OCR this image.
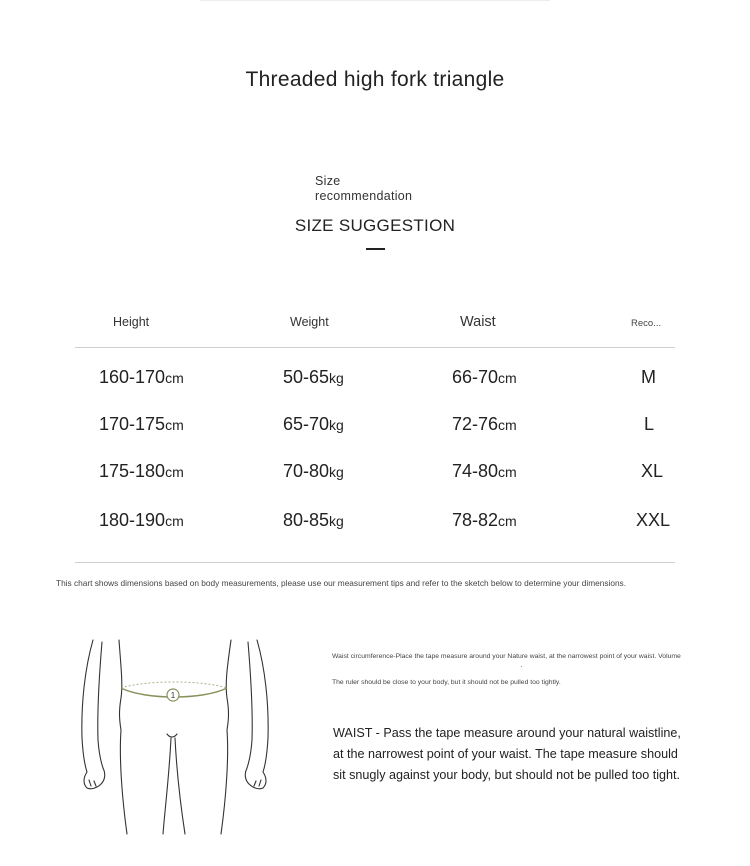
Threaded high fork triangle
Size
recommendation
SIZE SUGGESTION
Height	Weight	Waist	Reco...
160-170cm	50-65kg	66-70cm	M
170-175cm	65-70kg	72-76cm	L
175-180cm	70-80kg	74-80cm	XL
180-190cm	80-85kg	78-82cm	XXL
This chart shows dimensions based on body measurements, please use our measurement tips and refer to the sketch below to determine your dimensions.
1
Waist circumference-Place the tape measure around your Nature waist, at the narrowest point of your waist. Volume
The ruler should be close to your body, but it should not be pulled too tightly.
WAIST - Pass the tape measure around your natural waistline, at the narrowest point of your waist. The tape measure should sit snugly against your body, but should not be pulled too tight.
